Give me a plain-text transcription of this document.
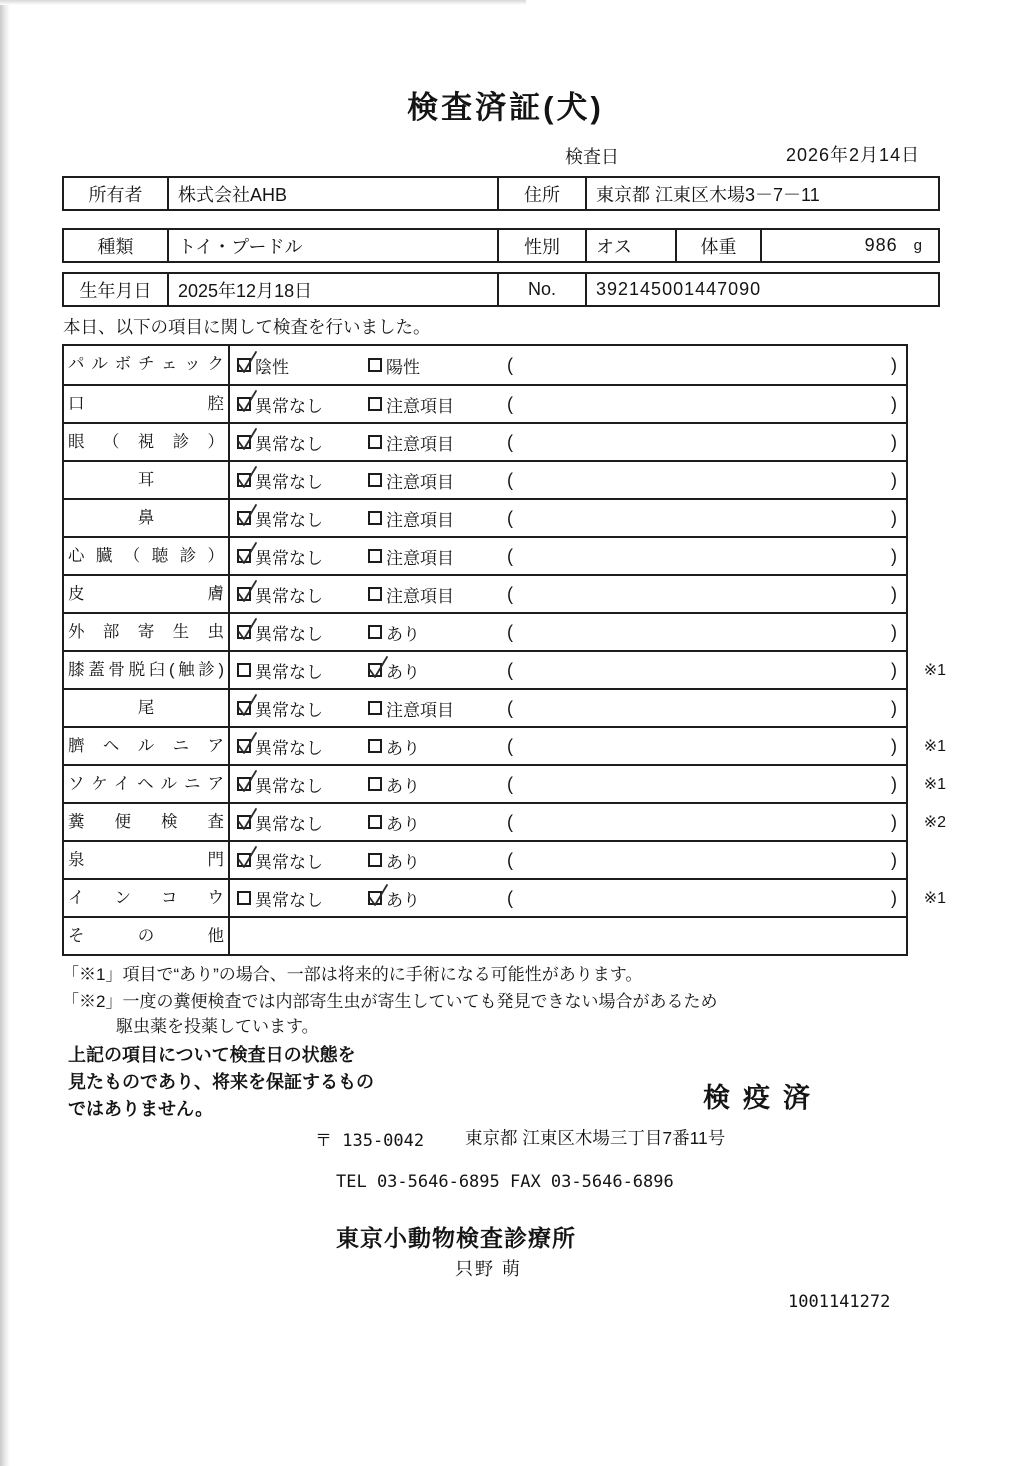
検査済証(犬)
検査日	2026年2月14日
所有者	株式会社AHB	住所	東京都 江東区木場3－7－11
種類	トイ・プードル	性別	オス	体重	986 g
生年月日	2025年12月18日	No.	392145001447090
本日、以下の項目に関して検査を行いました。
パルボチェック	陰性	陽性	(	)
口腔	異常なし	注意項目	(	)
眼（視診）	異常なし	注意項目	(	)
耳	異常なし	注意項目	(	)
鼻	異常なし	注意項目	(	)
心臓（聴診）	異常なし	注意項目	(	)
皮膚	異常なし	注意項目	(	)
外部寄生虫	異常なし	あり	(	)
膝蓋骨脱臼(触診)	異常なし	あり	(	) ※1
尾	異常なし	注意項目	(	)
臍ヘルニア	異常なし	あり	(	) ※1
ソケイヘルニア	異常なし	あり	(	) ※1
糞便検査	異常なし	あり	(	) ※2
泉門	異常なし	あり	(	)
インコウ	異常なし	あり	(	) ※1
その他
「※1」項目で“あり”の場合、一部は将来的に手術になる可能性があります。
「※2」一度の糞便検査では内部寄生虫が寄生していても発見できない場合があるため
駆虫薬を投薬しています。
上記の項目について検査日の状態を
見たものであり、将来を保証するもの
ではありません。	検疫済
〒 135-0042 東京都 江東区木場三丁目7番11号
TEL 03-5646-6895 FAX 03-5646-6896
東京小動物検査診療所
只野 萌
1001141272
